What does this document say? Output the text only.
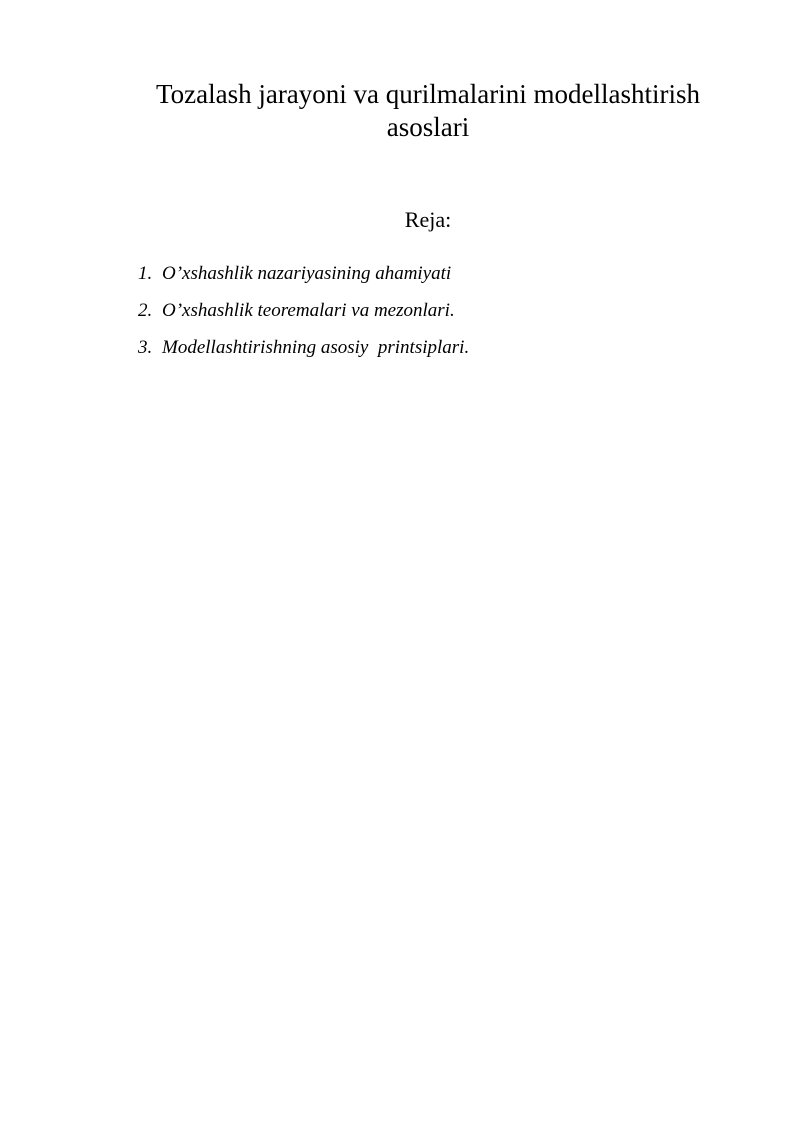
Tozalash jarayoni va qurilmalarini modellashtirish asoslari

Reja:

1. O’xshashlik nazariyasining ahamiyati
2. O’xshashlik teoremalari va mezonlari.
3. Modellashtirishning asosiy  printsiplari.
